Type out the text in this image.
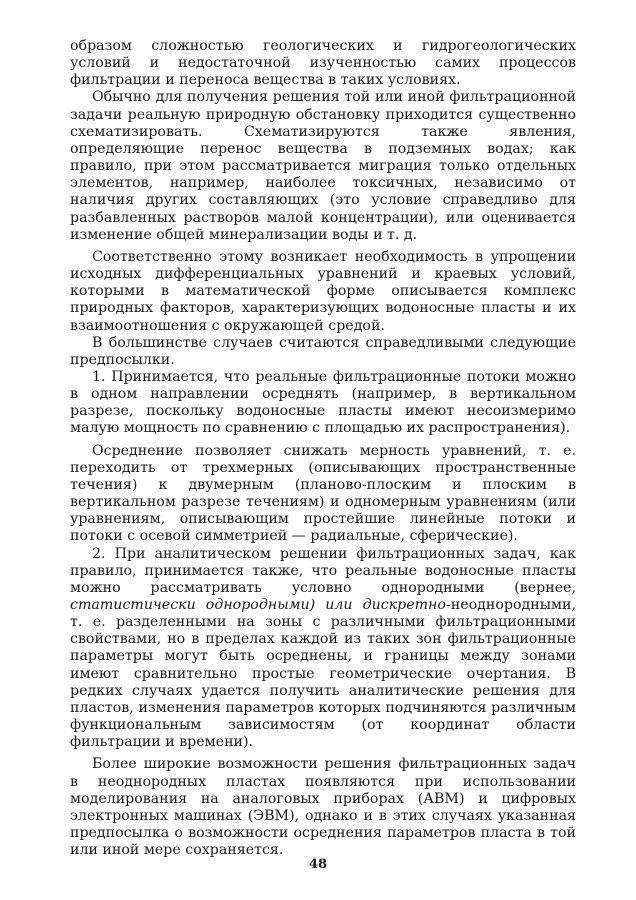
образом сложностью геологических и гидрогеологических условий и недостаточной изученностью самих процессов фильтрации и переноса вещества в таких условиях.

Обычно для получения решения той или иной фильтрационной задачи реальную природную обстановку приходится существенно схематизировать. Схематизируются также явления, определяющие перенос вещества в подземных водах; как правило, при этом рассматривается миграция только отдельных элементов, например, наиболее токсичных, независимо от наличия других составляющих (это условие справедливо для разбавленных растворов малой концентрации), или оценивается изменение общей минерализации воды и т. д.

Соответственно этому возникает необходимость в упрощении исходных дифференциальных уравнений и краевых условий, которыми в математической форме описывается комплекс природных факторов, характеризующих водоносные пласты и их взаимоотношения с окружающей средой.

В большинстве случаев считаются справедливыми следующие предпосылки.

1. Принимается, что реальные фильтрационные потоки можно в одном направлении осреднять (например, в вертикальном разрезе, поскольку водоносные пласты имеют несоизмеримо малую мощность по сравнению с площадью их распространения).

Осреднение позволяет снижать мерность уравнений, т. е. переходить от трехмерных (описывающих пространственные течения) к двумерным (планово-плоским и плоским в вертикальном разрезе течениям) и одномерным уравнениям (или уравнениям, описывающим простейшие линейные потоки и потоки с осевой симметрией — радиальные, сферические).

2. При аналитическом решении фильтрационных задач, как правило, принимается также, что реальные водоносные пласты можно рассматривать условно однородными (вернее, статистически однородными) или дискретно-неоднородными, т. е. разделенными на зоны с различными фильтрационными свойствами, но в пределах каждой из таких зон фильтрационные параметры могут быть осреднены, и границы между зонами имеют сравнительно простые геометрические очертания. В редких случаях удается получить аналитические решения для пластов, изменения параметров которых подчиняются различным функциональным зависимостям (от координат области фильтрации и времени).

Более широкие возможности решения фильтрационных задач в неоднородных пластах появляются при использовании моделирования на аналоговых приборах (АВМ) и цифровых электронных машинах (ЭВМ), однако и в этих случаях указанная предпосылка о возможности осреднения параметров пласта в той или иной мере сохраняется.

48
